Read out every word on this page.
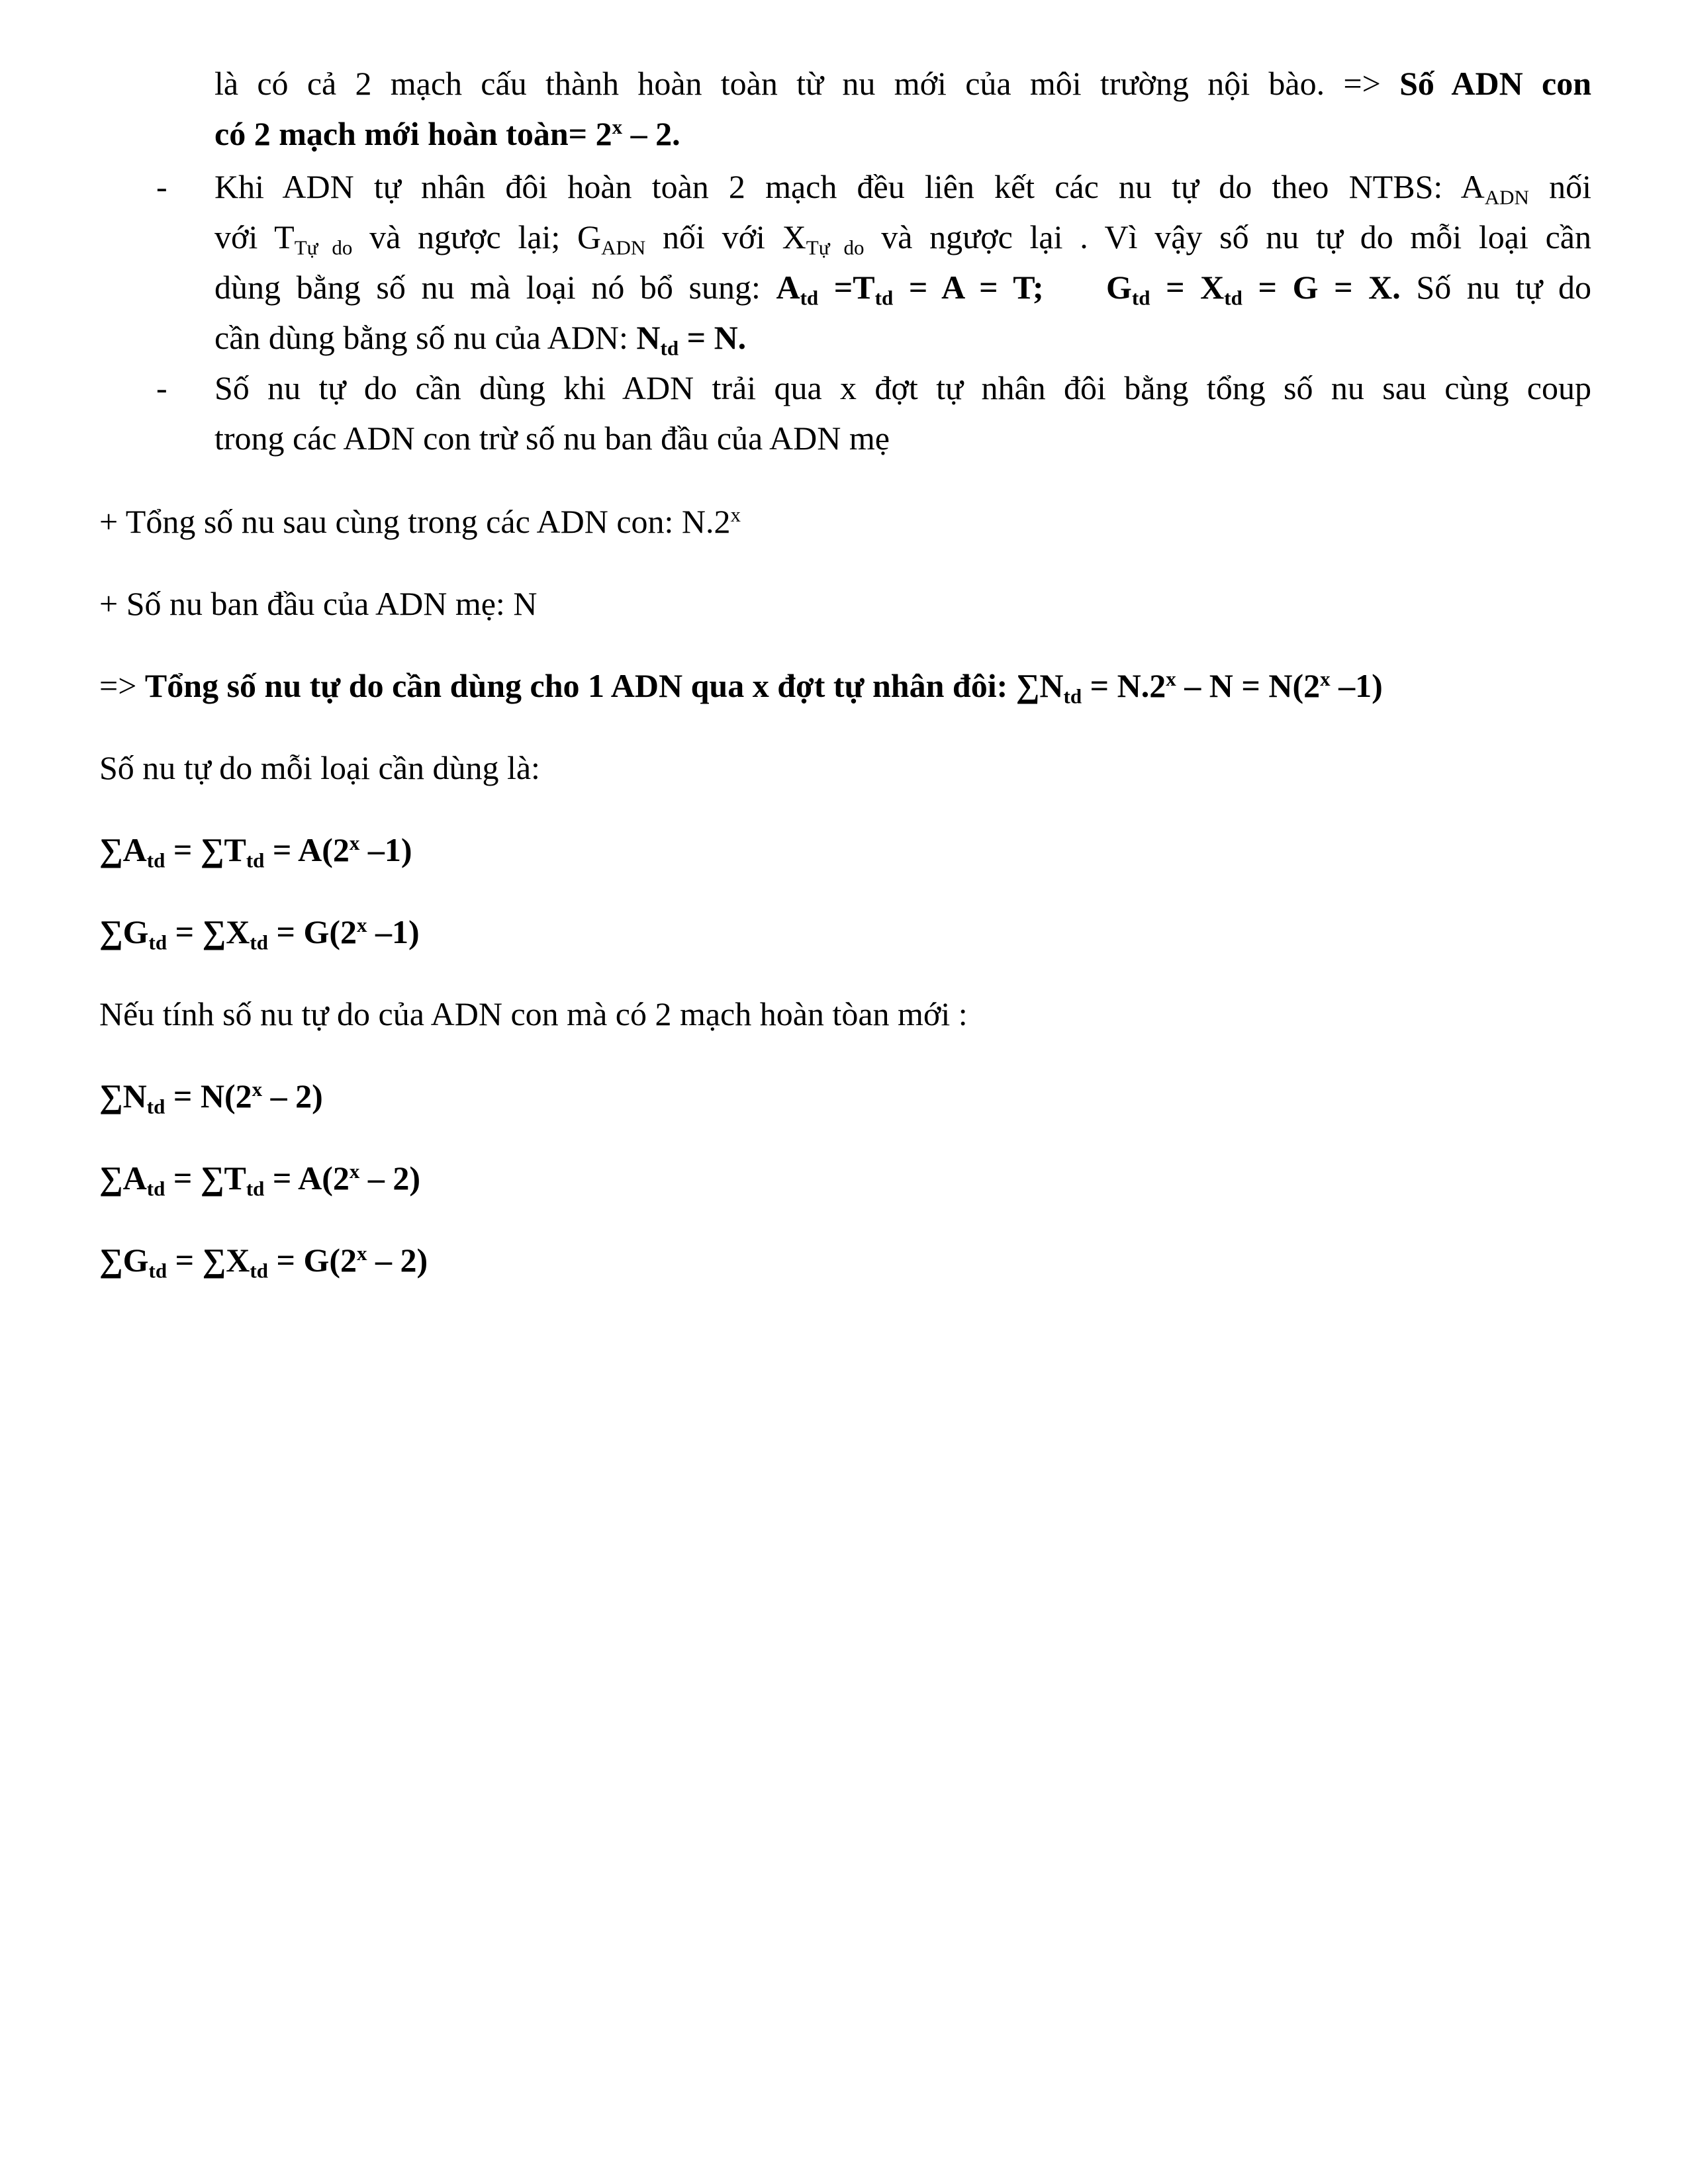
là có cả 2 mạch cấu thành hoàn toàn từ nu mới của môi trường nội bào. => Số ADN con
có 2 mạch mới hoàn toàn= $2^x - 2$.
- Khi ADN tự nhân đôi hoàn toàn 2 mạch đều liên kết các nu tự do theo NTBS: $A_{ADN}$ nối
với $T_{Tự do}$ và ngược lại; $G_{ADN}$ nối với $X_{Tự do}$ và ngược lại . Vì vậy số nu tự do mỗi loại cần
dùng bằng số nu mà loại nó bổ sung: $A_{td} =T_{td} = A = T$;    $G_{td} = X_{td} = G = X$. Số nu tự do
cần dùng bằng số nu của ADN: $N_{td} = N$.
- Số nu tự do cần dùng khi ADN trải qua x đợt tự nhân đôi bằng tổng số nu sau cùng coup
trong các ADN con trừ số nu ban đầu của ADN mẹ
+ Tổng số nu sau cùng trong các ADN con: $N.2^x$
+ Số nu ban đầu của ADN mẹ: N
=> Tổng số nu tự do cần dùng cho 1 ADN qua x đợt tự nhân đôi: $\sum N_{td} = N.2^x - N = N(2^x$ –1)
Số nu tự do mỗi loại cần dùng là:
$\sum A_{td} = \sum T_{td} = A(2^x$ –1)
$\sum G_{td} = \sum X_{td} = G(2^x$ –1)
Nếu tính số nu tự do của ADN con mà có 2 mạch hoàn tòan mới :
$\sum N_{td} = N(2^x - 2)$
$\sum A_{td} = \sum T_{td} = A(2^x - 2)$
$\sum G_{td} = \sum X_{td} = G(2^x - 2)$
